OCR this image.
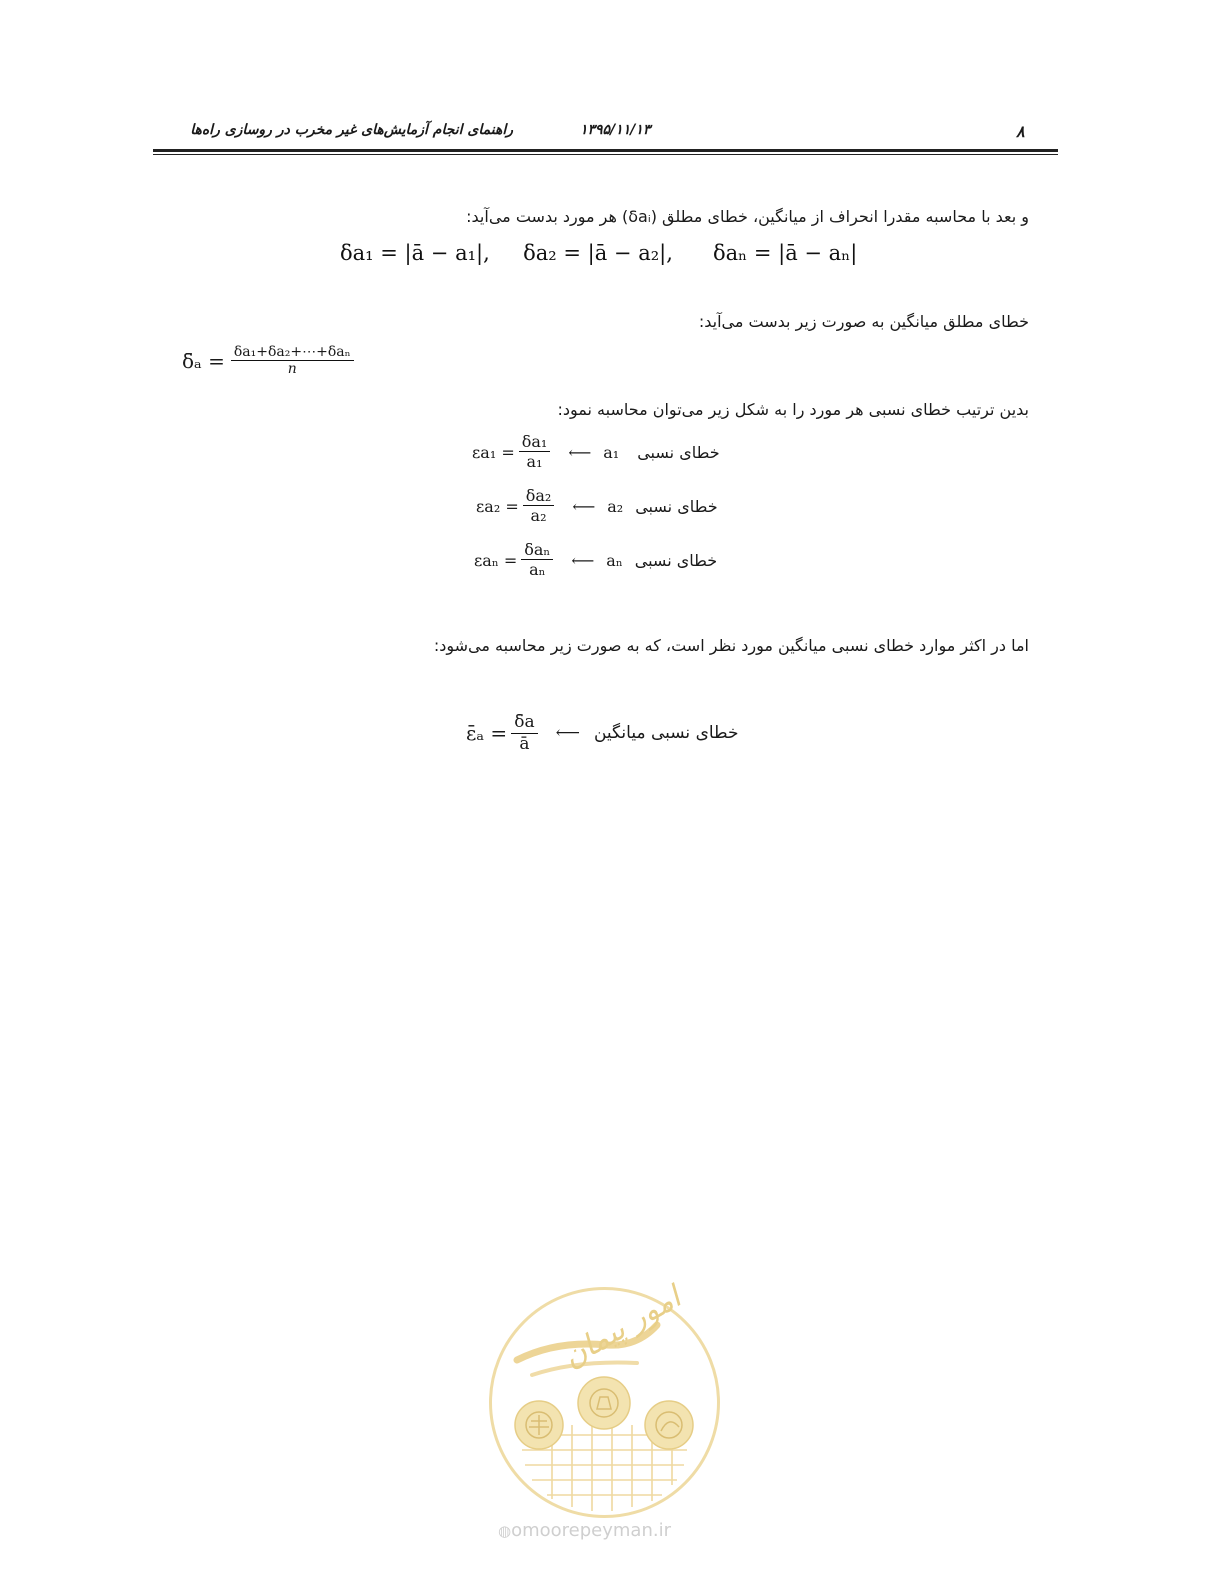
۸
۱۳۹۵/۱۱/۱۳
راهنمای انجام آزمایش‌های غیر مخرب در روسازی راه‌ها
و بعد با محاسبه مقدرا انحراف از میانگین، خطای مطلق (δaᵢ) هر مورد بدست می‌آید:
δa₁ = |ā − a₁|,     δa₂ = |ā − a₂|,      δaₙ = |ā − aₙ|
خطای مطلق میانگین به صورت زیر بدست می‌آید:
δ̄ₐ = $\frac{\text{δa₁+δa₂+⋯+δaₙ}}{n}$
بدین ترتیب خطای نسبی هر مورد را به شکل زیر می‌توان محاسبه نمود:
$\varepsilon a_1 = \frac{\text{δa₁}}{\text{a₁}}$ ⟵ a₁ خطای نسبی
$\varepsilon a_2 = \frac{\text{δa₂}}{\text{a₂}}$ ⟵ a₂ خطای نسبی
$\varepsilon a_n = \frac{\text{δaₙ}}{\text{aₙ}}$ ⟵ aₙ خطای نسبی
اما در اکثر موارد خطای نسبی میانگین مورد نظر است، که به صورت زیر محاسبه می‌شود:
ε̄ₐ = $\frac{\deltāa}{ā}$ ⟵ خطای نسبی میانگین
امور پیمان
◍omoorepeyman.ir
